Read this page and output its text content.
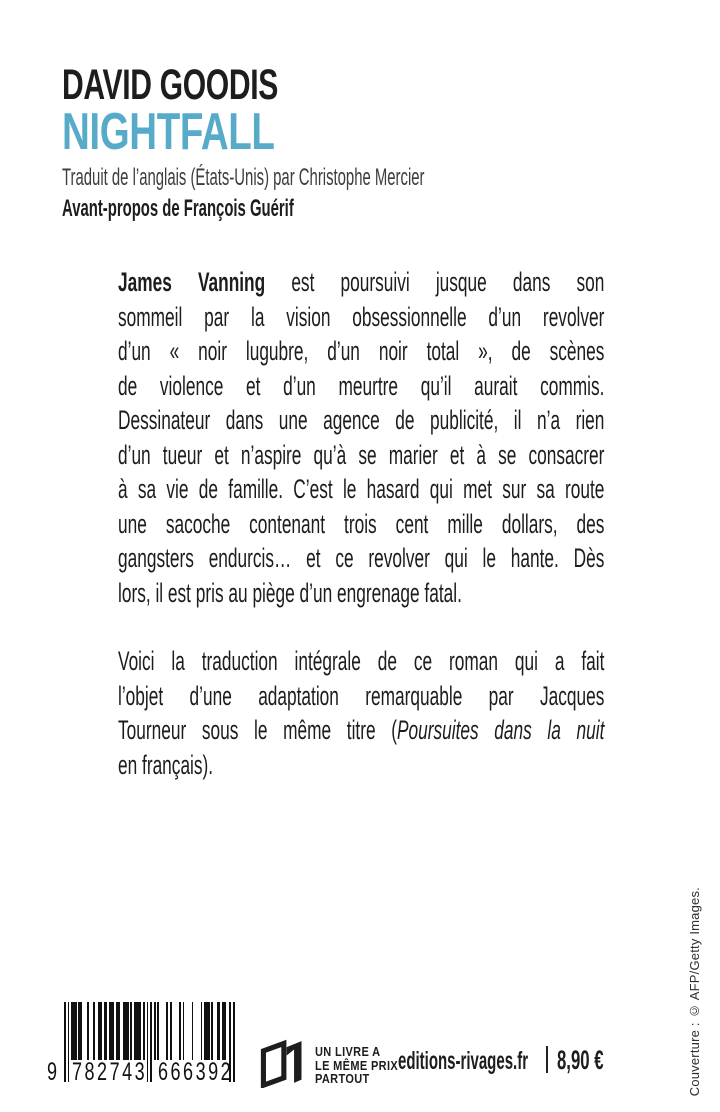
DAVID GOODIS
NIGHTFALL
Traduit de l’anglais (États-Unis) par Christophe Mercier
Avant-propos de François Guérif
James Vanning est poursuivi jusque dans son
sommeil par la vision obsessionnelle d’un revolver
d’un « noir lugubre, d’un noir total », de scènes
de violence et d’un meurtre qu’il aurait commis.
Dessinateur dans une agence de publicité, il n’a rien
d’un tueur et n’aspire qu’à se marier et à se consacrer
à sa vie de famille. C’est le hasard qui met sur sa route
une sacoche contenant trois cent mille dollars, des
gangsters endurcis… et ce revolver qui le hante. Dès
lors, il est pris au piège d’un engrenage fatal.
Voici la traduction intégrale de ce roman qui a fait
l’objet d’une adaptation remarquable par Jacques
Tourneur sous le même titre (Poursuites dans la nuit
en français).
9 782743 666392
UN LIVRE A
LE MÊME PRIX
PARTOUT
editions-rivages.fr 8,90 €	Couverture : © AFP/Getty Images.
